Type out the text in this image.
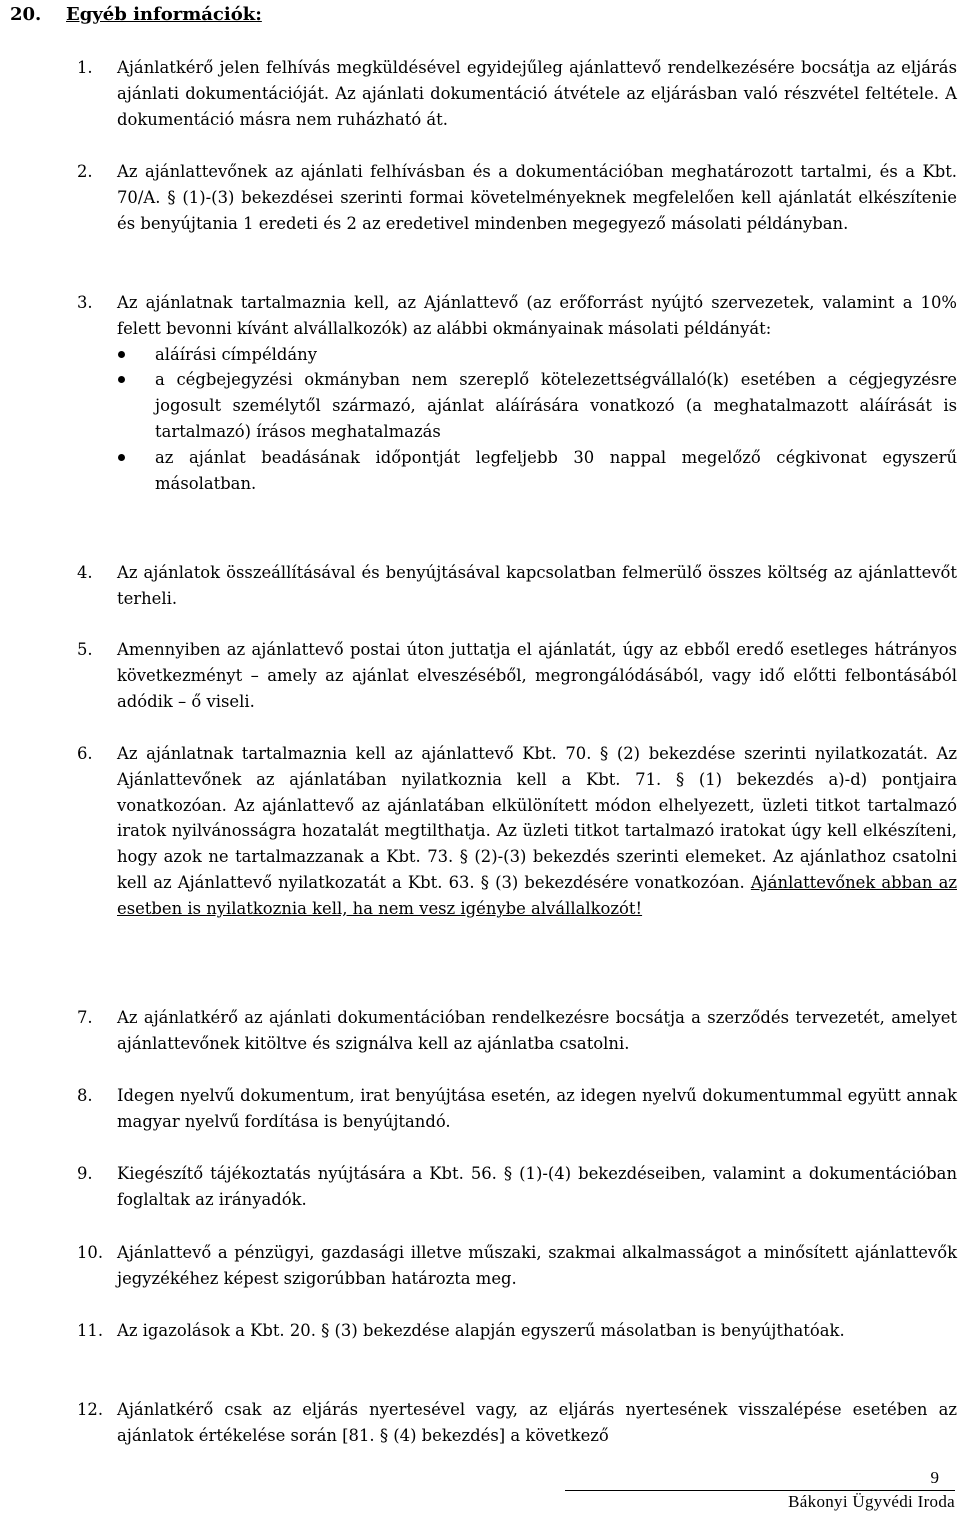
20. Egyéb információk:
1. Ajánlatkérő jelen felhívás megküldésével egyidejűleg ajánlattevő rendelkezésére bocsátja az eljárás ajánlati dokumentációját. Az ajánlati dokumentáció átvétele az eljárásban való részvétel feltétele. A dokumentáció másra nem ruházható át.
2. Az ajánlattevőnek az ajánlati felhívásban és a dokumentációban meghatározott tartalmi, és a Kbt. 70/A. § (1)-(3) bekezdései szerinti formai követelményeknek megfelelően kell ajánlatát elkészítenie és benyújtania 1 eredeti és 2 az eredetivel mindenben megegyező másolati példányban.
3. Az ajánlatnak tartalmaznia kell, az Ajánlattevő (az erőforrást nyújtó szervezetek, valamint a 10% felett bevonni kívánt alvállalkozók) az alábbi okmányainak másolati példányát:
aláírási címpéldány
a cégbejegyzési okmányban nem szereplő kötelezettségvállaló(k) esetében a cégjegyzésre jogosult személytől származó, ajánlat aláírására vonatkozó (a meghatalmazott aláírását is tartalmazó) írásos meghatalmazás
az ajánlat beadásának időpontját legfeljebb 30 nappal megelőző cégkivonat egyszerű másolatban.
4. Az ajánlatok összeállításával és benyújtásával kapcsolatban felmerülő összes költség az ajánlattevőt terheli.
5. Amennyiben az ajánlattevő postai úton juttatja el ajánlatát, úgy az ebből eredő esetleges hátrányos következményt – amely az ajánlat elveszéséből, megrongálódásából, vagy idő előtti felbontásából adódik – ő viseli.
6. Az ajánlatnak tartalmaznia kell az ajánlattevő Kbt. 70. § (2) bekezdése szerinti nyilatkozatát. Az Ajánlattevőnek az ajánlatában nyilatkoznia kell a Kbt. 71. § (1) bekezdés a)-d) pontjaira vonatkozóan. Az ajánlattevő az ajánlatában elkülönített módon elhelyezett, üzleti titkot tartalmazó iratok nyilvánosságra hozatalát megtilthatja. Az üzleti titkot tartalmazó iratokat úgy kell elkészíteni, hogy azok ne tartalmazzanak a Kbt. 73. § (2)-(3) bekezdés szerinti elemeket. Az ajánlathoz csatolni kell az Ajánlattevő nyilatkozatát a Kbt. 63. § (3) bekezdésére vonatkozóan. Ajánlattevőnek abban az esetben is nyilatkoznia kell, ha nem vesz igénybe alvállalkozót!
7. Az ajánlatkérő az ajánlati dokumentációban rendelkezésre bocsátja a szerződés tervezetét, amelyet ajánlattevőnek kitöltve és szignálva kell az ajánlatba csatolni.
8. Idegen nyelvű dokumentum, irat benyújtása esetén, az idegen nyelvű dokumentummal együtt annak magyar nyelvű fordítása is benyújtandó.
9. Kiegészítő tájékoztatás nyújtására a Kbt. 56. § (1)-(4) bekezdéseiben, valamint a dokumentációban foglaltak az irányadók.
10. Ajánlattevő a pénzügyi, gazdasági illetve műszaki, szakmai alkalmasságot a minősített ajánlattevők jegyzékéhez képest szigorúbban határozta meg.
11. Az igazolások a Kbt. 20. § (3) bekezdése alapján egyszerű másolatban is benyújthatóak.
12. Ajánlatkérő csak az eljárás nyertesével vagy, az eljárás nyertesének visszalépése esetében az ajánlatok értékelése során [81. § (4) bekezdés] a következő
9
Bákonyi Ügyvédi Iroda
